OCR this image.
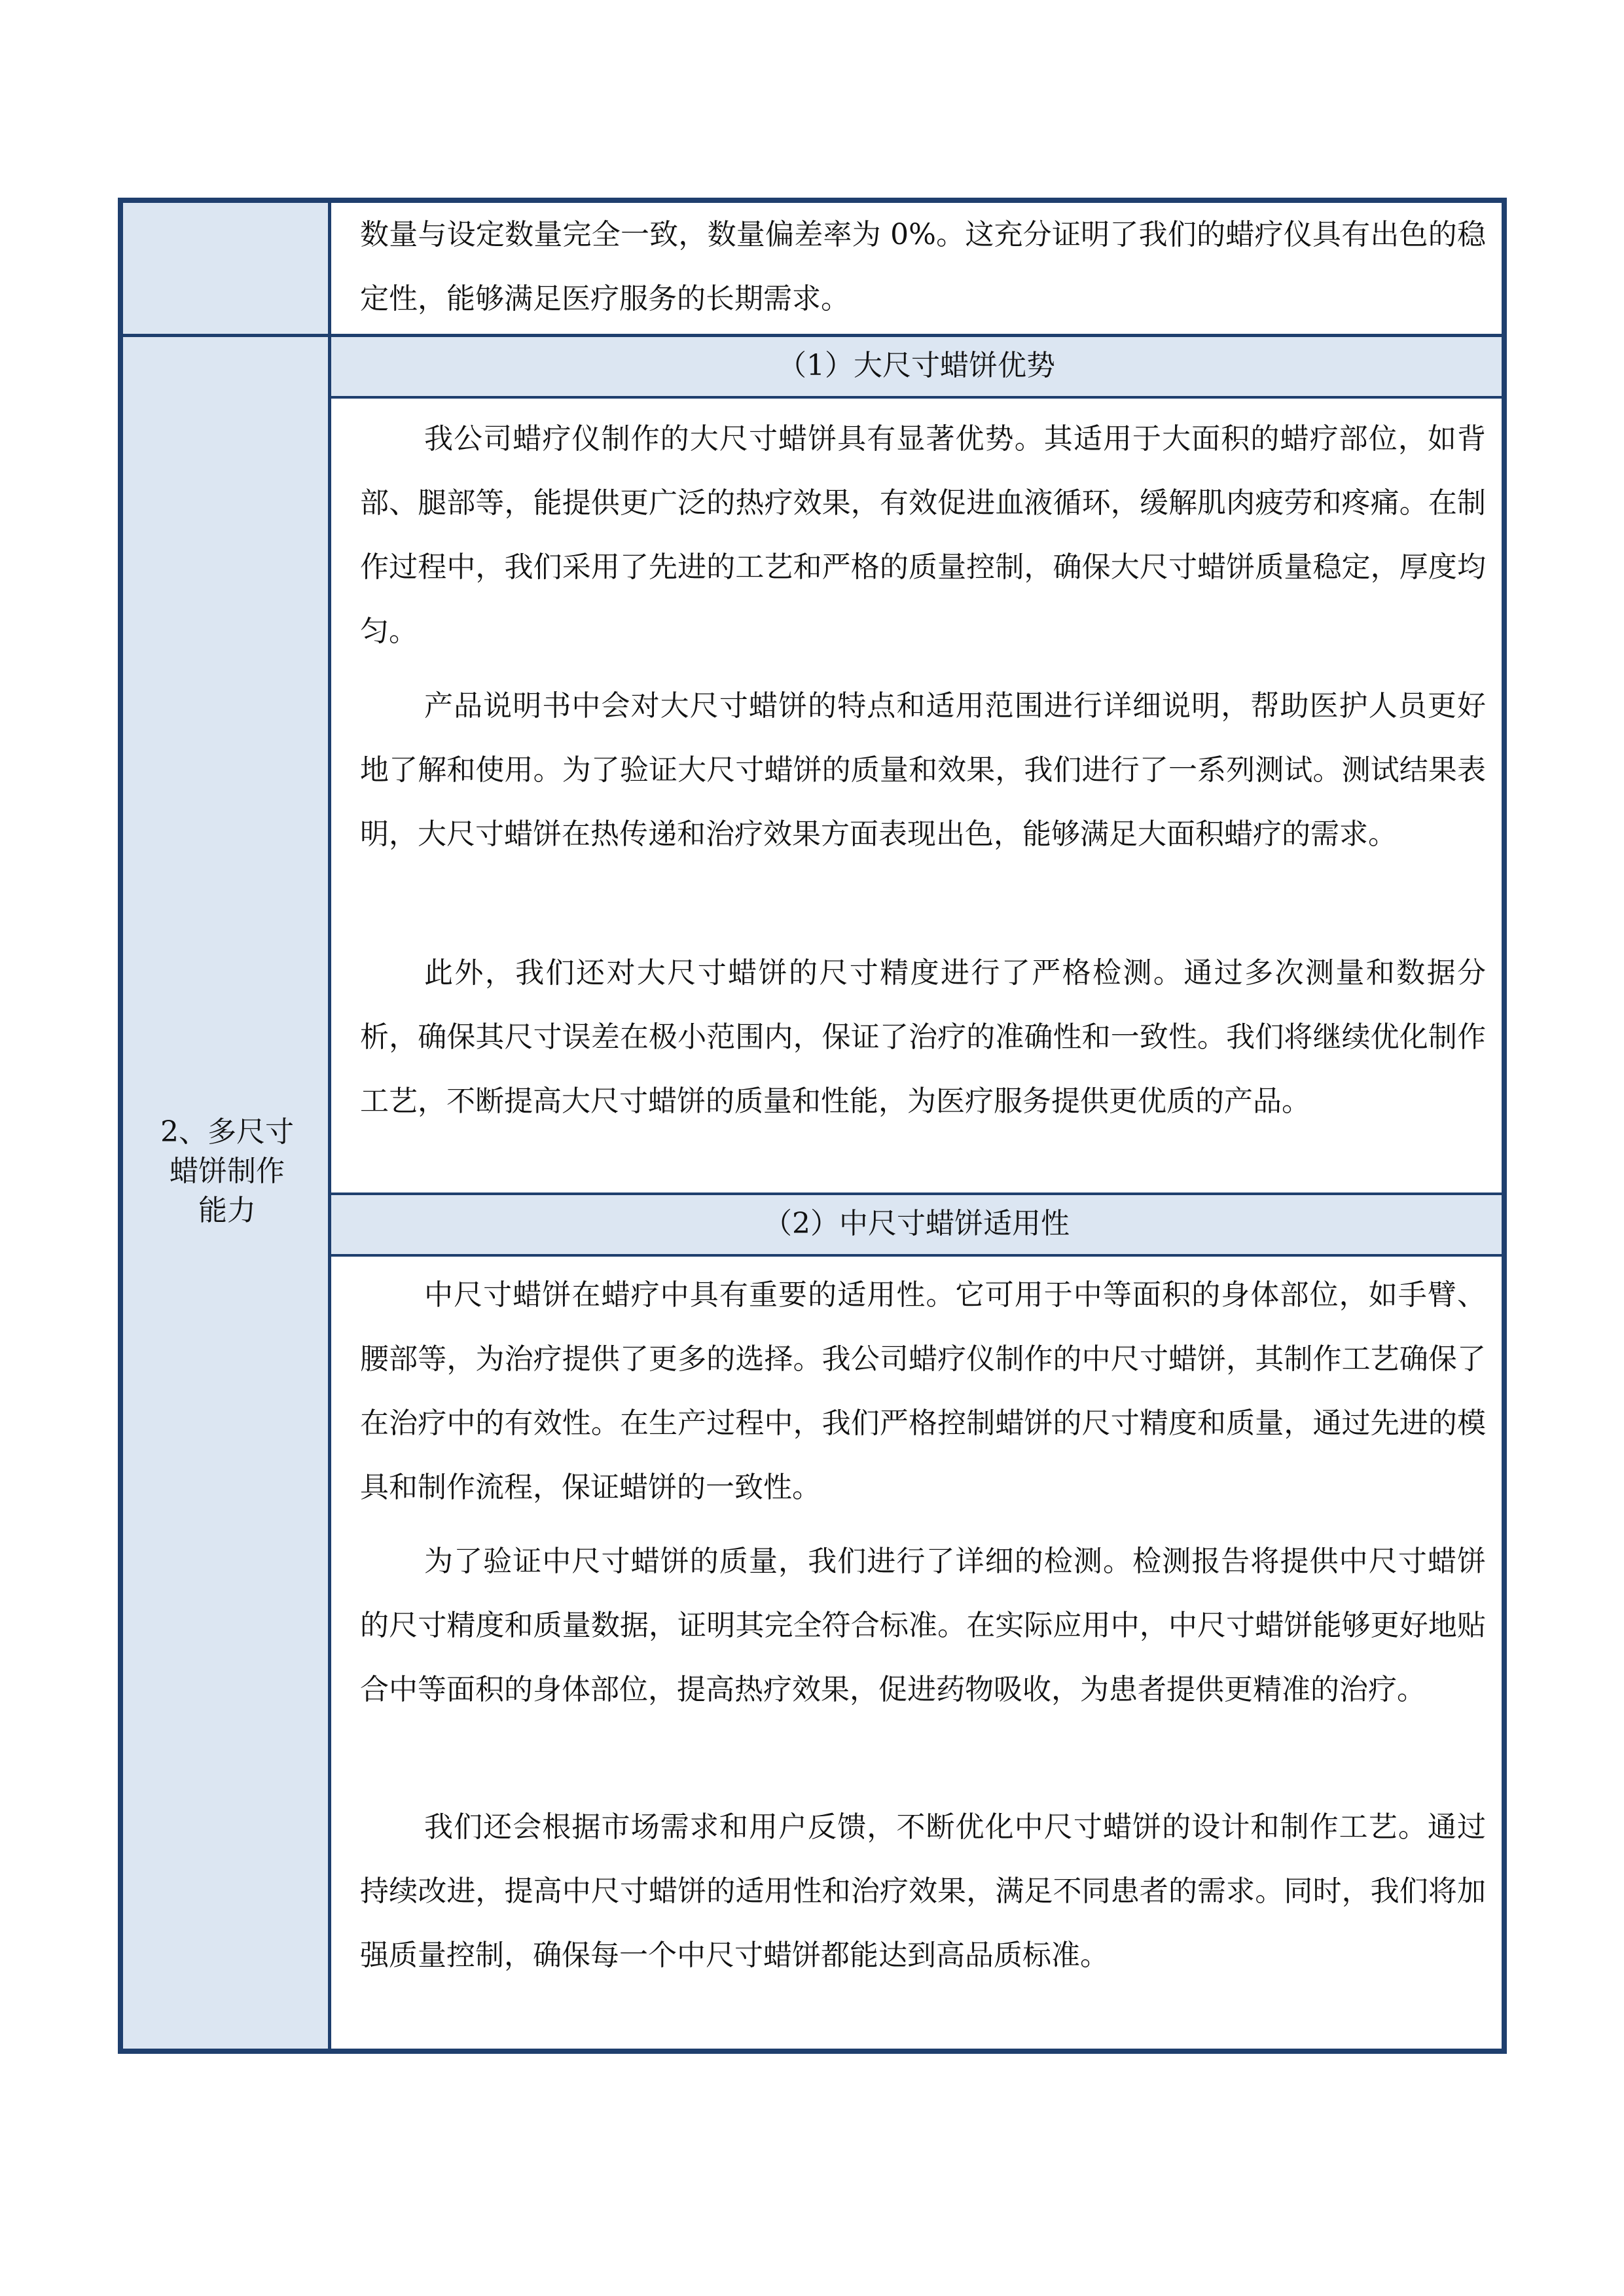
数量与设定数量完全一致，数量偏差率为 0%。这充分证明了我们的蜡疗仪具有出色的稳定性，能够满足医疗服务的长期需求。

2、多尺寸
蜡饼制作
能力
（1）大尺寸蜡饼优势

我公司蜡疗仪制作的大尺寸蜡饼具有显著优势。其适用于大面积的蜡疗部位，如背部、腿部等，能提供更广泛的热疗效果，有效促进血液循环，缓解肌肉疲劳和疼痛。在制作过程中，我们采用了先进的工艺和严格的质量控制，确保大尺寸蜡饼质量稳定，厚度均匀。

产品说明书中会对大尺寸蜡饼的特点和适用范围进行详细说明，帮助医护人员更好地了解和使用。为了验证大尺寸蜡饼的质量和效果，我们进行了一系列测试。测试结果表明，大尺寸蜡饼在热传递和治疗效果方面表现出色，能够满足大面积蜡疗的需求。

此外，我们还对大尺寸蜡饼的尺寸精度进行了严格检测。通过多次测量和数据分析，确保其尺寸误差在极小范围内，保证了治疗的准确性和一致性。我们将继续优化制作工艺，不断提高大尺寸蜡饼的质量和性能，为医疗服务提供更优质的产品。

（2）中尺寸蜡饼适用性

中尺寸蜡饼在蜡疗中具有重要的适用性。它可用于中等面积的身体部位，如手臂、腰部等，为治疗提供了更多的选择。我公司蜡疗仪制作的中尺寸蜡饼，其制作工艺确保了在治疗中的有效性。在生产过程中，我们严格控制蜡饼的尺寸精度和质量，通过先进的模具和制作流程，保证蜡饼的一致性。

为了验证中尺寸蜡饼的质量，我们进行了详细的检测。检测报告将提供中尺寸蜡饼的尺寸精度和质量数据，证明其完全符合标准。在实际应用中，中尺寸蜡饼能够更好地贴合中等面积的身体部位，提高热疗效果，促进药物吸收，为患者提供更精准的治疗。

我们还会根据市场需求和用户反馈，不断优化中尺寸蜡饼的设计和制作工艺。通过持续改进，提高中尺寸蜡饼的适用性和治疗效果，满足不同患者的需求。同时，我们将加强质量控制，确保每一个中尺寸蜡饼都能达到高品质标准。
